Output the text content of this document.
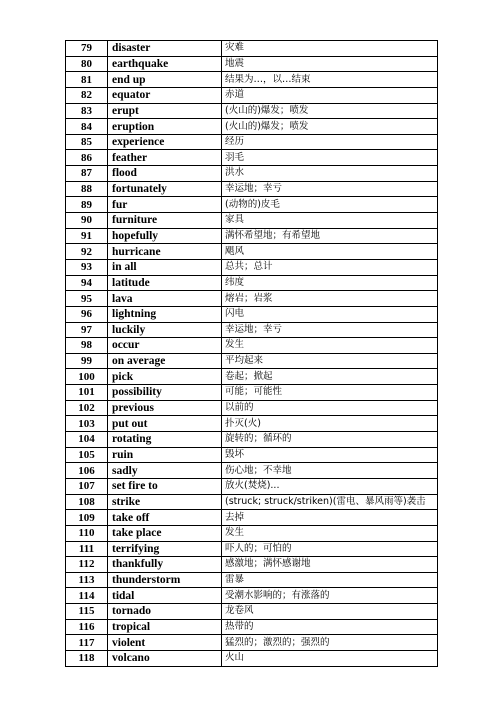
79	disaster	灾难
80	earthquake	地震
81	end up	结果为…，以…结束
82	equator	赤道
83	erupt	(火山的)爆发；喷发
84	eruption	(火山的)爆发；喷发
85	experience	经历
86	feather	羽毛
87	flood	洪水
88	fortunately	幸运地；幸亏
89	fur	(动物的)皮毛
90	furniture	家具
91	hopefully	满怀希望地；有希望地
92	hurricane	飓风
93	in all	总共；总计
94	latitude	纬度
95	lava	熔岩；岩浆
96	lightning	闪电
97	luckily	幸运地；幸亏
98	occur	发生
99	on average	平均起来
100	pick	卷起；掀起
101	possibility	可能；可能性
102	previous	以前的
103	put out	扑灭(火)
104	rotating	旋转的；循环的
105	ruin	毁坏
106	sadly	伤心地；不幸地
107	set fire to	放火(焚烧)...
108	strike	(struck; struck/striken)(雷电、暴风雨等)袭击
109	take off	去掉
110	take place	发生
111	terrifying	吓人的；可怕的
112	thankfully	感激地；满怀感谢地
113	thunderstorm	雷暴
114	tidal	受潮水影响的；有涨落的
115	tornado	龙卷风
116	tropical	热带的
117	violent	猛烈的；激烈的；强烈的
118	volcano	火山
